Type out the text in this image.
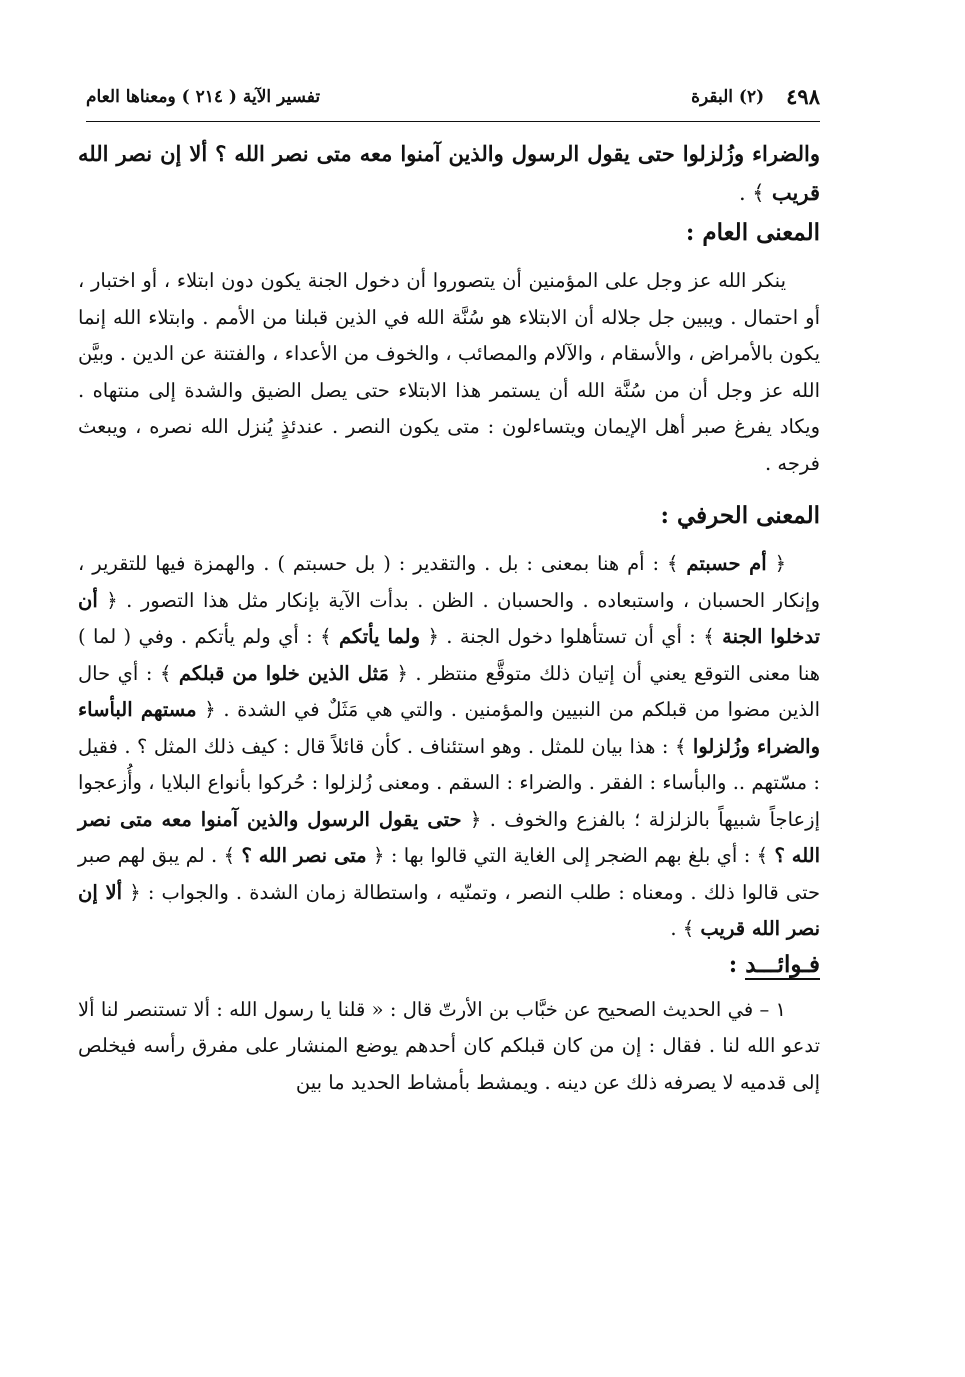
٤٩٨
(٢) البقرة
تفسير الآية ( ٢١٤ ) ومعناها العام

والضراء وزُلزلوا حتى يقول الرسول والذين آمنوا معه متى نصر الله ؟ ألا إن نصر الله قريب ﴾ .

المعنى العام :

ينكر الله عز وجل على المؤمنين أن يتصوروا أن دخول الجنة يكون دون ابتلاء ، أو اختبار ، أو احتمال . ويبين جل جلاله أن الابتلاء هو سُنَّة الله في الذين قبلنا من الأمم . وابتلاء الله إنما يكون بالأمراض ، والأسقام ، والآلام والمصائب ، والخوف من الأعداء ، والفتنة عن الدين . وبيَّن الله عز وجل أن من سُنَّة الله أن يستمر هذا الابتلاء حتى يصل الضيق والشدة إلى منتهاه . ويكاد يفرغ صبر أهل الإيمان ويتساءلون : متى يكون النصر . عندئذٍ يُنزل الله نصره ، ويبعث فرجه .

المعنى الحرفي :

﴿ أم حسبتم ﴾ : أم هنا بمعنى : بل . والتقدير : ( بل حسبتم ) . والهمزة فيها للتقرير ، وإنكار الحسبان ، واستبعاده . والحسبان . الظن . بدأت الآية بإنكار مثل هذا التصور . ﴿ أن تدخلوا الجنة ﴾ : أي أن تستأهلوا دخول الجنة . ﴿ ولما يأتكم ﴾ : أي ولم يأتكم . وفي ( لما ) هنا معنى التوقع يعني أن إتيان ذلك متوقَّع منتظر . ﴿ مَثل الذين خلوا من قبلكم ﴾ : أي حال الذين مضوا من قبلكم من النبيين والمؤمنين . والتي هي مَثَلٌ في الشدة . ﴿ مستهم البأساء والضراء وزُلزلوا ﴾ : هذا بيان للمثل . وهو استئناف . كأن قائلاً قال : كيف ذلك المثل ؟ . فقيل : مسّتهم .. والبأساء : الفقر . والضراء : السقم . ومعنى زُلزلوا : حُركوا بأنواع البلايا ، وأُزعجوا إزعاجاً شبيهاً بالزلزلة ؛ بالفزع والخوف . ﴿ حتى يقول الرسول والذين آمنوا معه متى نصر الله ؟ ﴾ : أي بلغ بهم الضجر إلى الغاية التي قالوا بها : ﴿ متى نصر الله ؟ ﴾ . لم يبق لهم صبر حتى قالوا ذلك . ومعناه : طلب النصر ، وتمنّيه ، واستطالة زمان الشدة . والجواب : ﴿ ألا إن نصر الله قريب ﴾ .

فـوائـــد :

١ – في الحديث الصحيح عن خبَّاب بن الأرتّ قال : « قلنا يا رسول الله : ألا تستنصر لنا ألا تدعو الله لنا . فقال : إن من كان قبلكم كان أحدهم يوضع المنشار على مفرق رأسه فيخلص إلى قدميه لا يصرفه ذلك عن دينه . ويمشط بأمشاط الحديد ما بين
